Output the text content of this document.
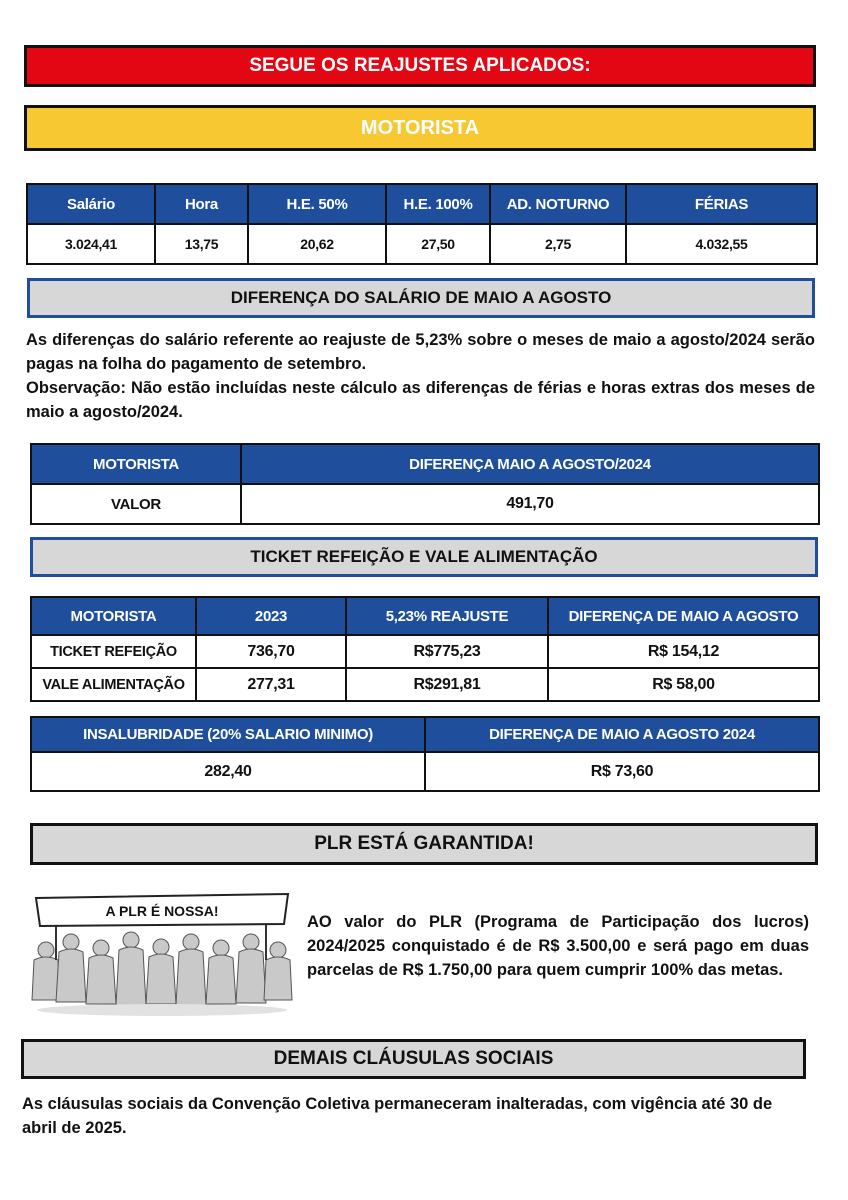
SEGUE OS REAJUSTES APLICADOS:
MOTORISTA
Salário	Hora	H.E. 50%	H.E. 100%	AD. NOTURNO	FÉRIAS
3.024,41	13,75	20,62	27,50	2,75	4.032,55
DIFERENÇA DO SALÁRIO DE MAIO A AGOSTO

As diferenças do salário referente ao reajuste de 5,23% sobre o meses de maio a agosto/2024 serão pagas na folha do pagamento de setembro.
Observação: Não estão incluídas neste cálculo as diferenças de férias e horas extras dos meses de maio a agosto/2024.

MOTORISTA	DIFERENÇA MAIO A AGOSTO/2024
VALOR	491,70
TICKET REFEIÇÃO E VALE ALIMENTAÇÃO
MOTORISTA	2023	5,23% REAJUSTE	DIFERENÇA DE MAIO A AGOSTO
TICKET REFEIÇÃO	736,70	R$775,23	R$ 154,12
VALE ALIMENTAÇÃO	277,31	R$291,81	R$ 58,00
INSALUBRIDADE (20% SALARIO MINIMO)	DIFERENÇA DE MAIO A AGOSTO 2024
282,40	R$ 73,60
PLR ESTÁ GARANTIDA!
A PLR É NOSSA!

AO valor do PLR (Programa de Participação dos lucros) 2024/2025 conquistado é de R$ 3.500,00 e será pago em duas parcelas de R$ 1.750,00 para quem cumprir 100% das metas.

DEMAIS CLÁUSULAS SOCIAIS

As cláusulas sociais da Convenção Coletiva permaneceram inalteradas, com vigência até 30 de abril de 2025.
